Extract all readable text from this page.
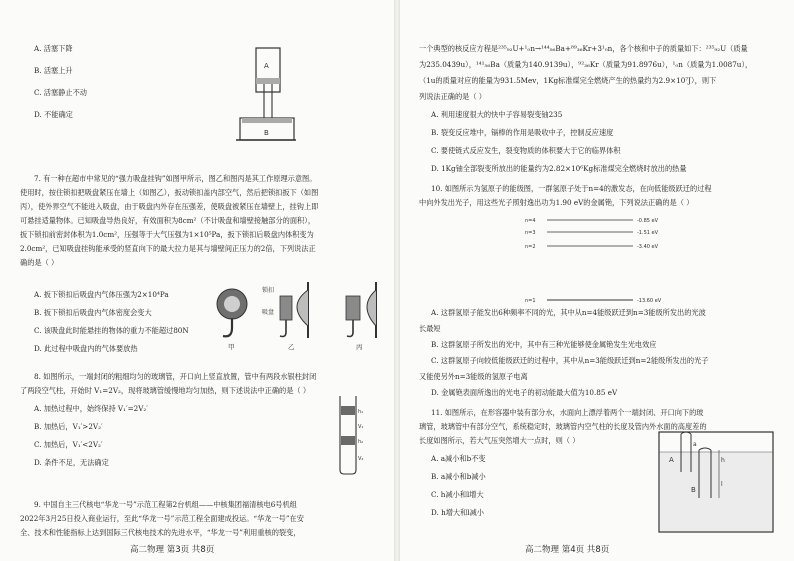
A. 活塞下降
B. 活塞上升
C. 活塞静止不动
D. 不能确定
A
B
7. 有一种在超市中常见的“强力吸盘挂钩”如图甲所示，图乙和图丙是其工作原理示意图。
使用时，按住锁扣把吸盘紧压在墙上（如图乙），扳动锁扣盖内部空气，然后把锁扣扳下（如图
丙），使外界空气不能进入吸盘，由于吸盘内外存在压强差，使吸盘被紧压在墙壁上，挂钩上即
可悬挂适量物体。已知吸盘导热良好，有效面积为8cm²（不计吸盘和墙壁接触部分的面积），
扳下锁扣前密封体积为1.0cm²，压强等于大气压强为1×10⁵Pa，扳下锁扣后吸盘内体积变为
2.0cm²，已知吸盘挂钩能承受的竖直向下的最大拉力是其与墙壁间正压力的2倍，下列说法正
确的是（ ）
A. 扳下锁扣后吸盘内气体压强为2×10⁴Pa
B. 扳下锁扣后吸盘内气体密度会变大
C. 该吸盘此时能悬挂的物体的重力不能超过80N
D. 此过程中吸盘内的气体要放热	甲
锁扣
吸盘
乙	丙
8. 如图所示，一端封闭的粗细均匀的玻璃管，开口向上竖直放置，管中有两段水银柱封闭
了两段空气柱，开始时 V₁=2V₂，现将玻璃管缓慢地均匀加热，则下述说法中正确的是（ ）
A. 加热过程中，始终保持 V₁′=2V₂′
B. 加热后，V₁′>2V₂′
C. 加热后，V₁′<2V₂′
D. 条件不足，无法确定
h₁
V₁
h₂
V₂
9. 中国自主三代核电“华龙一号”示范工程第2台机组——中核集团福清核电6号机组
2022年3月25日投入商业运行，至此“华龙一号”示范工程全面建成投运。“华龙一号”在安
全、技术和性能指标上达到国际三代核电技术的先进水平，“华龙一号”利用重核的裂变，
高二物理 第3页 共8页
一个典型的核反应方程是²³⁵₉₂U+¹₀n→¹⁴⁴₅₆Ba+⁸⁹₃₆Kr+3¹₀n，各个核和中子的质量如下：²³⁵₉₂U（质量
为235.0439u），¹⁴¹₅₆Ba（质量为140.9139u），⁹²₃₆Kr（质量为91.8976u），¹₀n（质量为1.0087u），
（1u的质量对应的能量为931.5Mev，1Kg标准煤完全燃烧产生的热量约为2.9×10⁷J），则下
列说法正确的是（ ）
A. 利用速度很大的快中子容易裂变铀235
B. 裂变反应堆中，镉棒的作用是吸收中子，控制反应速度
C. 要使链式反应发生，裂变物质的体积要大于它的临界体积
D. 1Kg铀全部裂变所放出的能量约为2.82×10⁶Kg标准煤完全燃烧时放出的热量
10. 如图所示为氢原子的能级图，一群氢原子处于n=4的激发态，在向低能级跃迁的过程
中向外发出光子，用这些光子照射逸出功为1.90 eV的金属铯，下列说法正确的是（ ）
n=4	-0.85 eV
n=3	-1.51 eV
n=2	-3.40 eV
n=1	-13.60 eV
A. 这群氢原子能发出6种频率不同的光，其中从n=4能级跃迁到n=3能级所发出的光波
长最短
B. 这群氢原子所发出的光中，其中有三种光能够使金属铯发生光电效应
C. 这群氢原子向较低能级跃迁的过程中，其中从n=3能级跃迁到n=2能级所发出的光子
又能使另外n=3能级的氢原子电离
D. 金属铯表面所逸出的光电子的初动能最大值为10.85 eV
11. 如图所示，在形容器中装有部分水，水面向上漂浮着两个一端封闭、开口向下的玻
璃管，玻璃管中有部分空气，系统稳定时，玻璃管内空气柱的长度及管内外水面的高度差的
长度如图所示，若大气压突然增大一点时，则（ ）
A. a减小和b不变
B. a减小和b减小
C. h减小和l增大
D. h增大和l减小
A
B
a
h
l
高二物理 第4页 共8页
